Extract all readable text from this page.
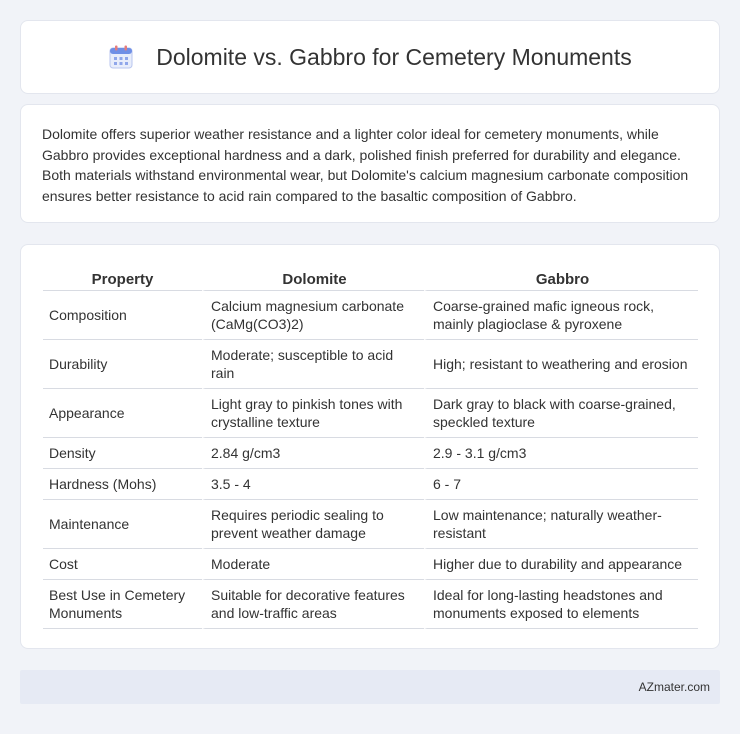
Dolomite vs. Gabbro for Cemetery Monuments

Dolomite offers superior weather resistance and a lighter color ideal for cemetery monuments, while Gabbro provides exceptional hardness and a dark, polished finish preferred for durability and elegance. Both materials withstand environmental wear, but Dolomite's calcium magnesium carbonate composition ensures better resistance to acid rain compared to the basaltic composition of Gabbro.

Property	Dolomite	Gabbro
Composition	Calcium magnesium carbonate (CaMg(CO3)2)	Coarse-grained mafic igneous rock, mainly plagioclase & pyroxene
Durability	Moderate; susceptible to acid rain	High; resistant to weathering and erosion
Appearance	Light gray to pinkish tones with crystalline texture	Dark gray to black with coarse-grained, speckled texture
Density	2.84 g/cm3	2.9 - 3.1 g/cm3
Hardness (Mohs)	3.5 - 4	6 - 7
Maintenance	Requires periodic sealing to prevent weather damage	Low maintenance; naturally weather-resistant
Cost	Moderate	Higher due to durability and appearance
Best Use in Cemetery Monuments	Suitable for decorative features and low-traffic areas	Ideal for long-lasting headstones and monuments exposed to elements
AZmater.com
